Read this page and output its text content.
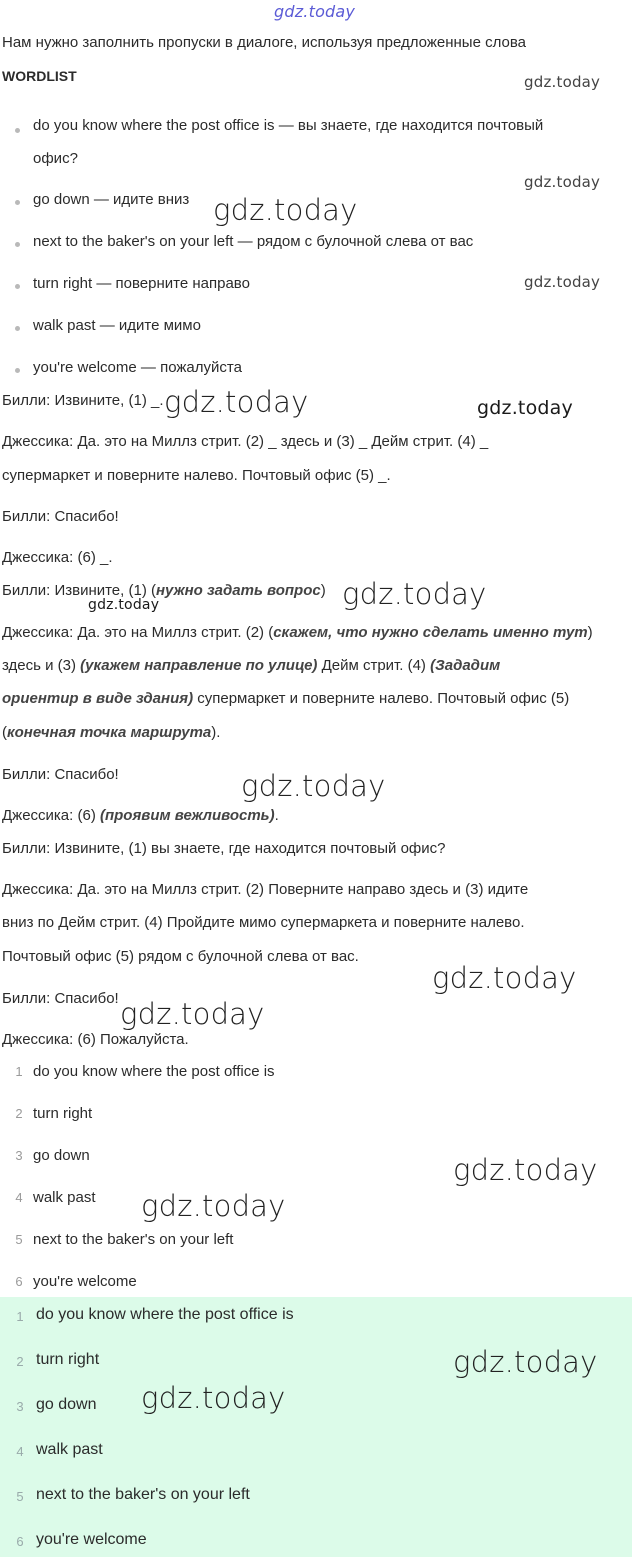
gdz.today
Нам нужно заполнить пропуски в диалоге, используя предложенные слова
WORDLIST	gdz.today
do you know where the post office is — вы знаете, где находится почтовый
офис?
gdz.today
go down — идите вниз gdz.today
next to the baker's on your left — рядом с булочной слева от вас
turn right — поверните направо	gdz.today
walk past — идите мимо
you're welcome — пожалуйста
Билли: Извините, (1) _. gdz.today	gdz.today
Джессика: Да. это на Миллз стрит. (2) _ здесь и (3) _ Дейм стрит. (4) _
супермаркет и поверните налево. Почтовый офис (5) _.
Билли: Спасибо!
Джессика: (6) _.
Билли: Извините, (1) (нужно задать вопрос) gdz.today
gdz.today
Джессика: Да. это на Миллз стрит. (2) (скажем, что нужно сделать именно тут)
здесь и (3) (укажем направление по улице) Дейм стрит. (4) (Зададим
ориентир в виде здания) супермаркет и поверните налево. Почтовый офис (5)
(конечная точка маршрута).
Билли: Спасибо!	gdz.today
Джессика: (6) (проявим вежливость).
Билли: Извините, (1) вы знаете, где находится почтовый офис?
Джессика: Да. это на Миллз стрит. (2) Поверните направо здесь и (3) идите
вниз по Дейм стрит. (4) Пройдите мимо супермаркета и поверните налево.
Почтовый офис (5) рядом с булочной слева от вас.
gdz.today
Билли: Спасибо! gdz.today
Джессика: (6) Пожалуйста.
1 do you know where the post office is
2 turn right
3 go down	gdz.today
4 walk past gdz.today
5 next to the baker's on your left
6 you're welcome
1 do you know where the post office is
2 turn right	gdz.today
3 go down gdz.today
4 walk past
5 next to the baker's on your left
6 you're welcome
